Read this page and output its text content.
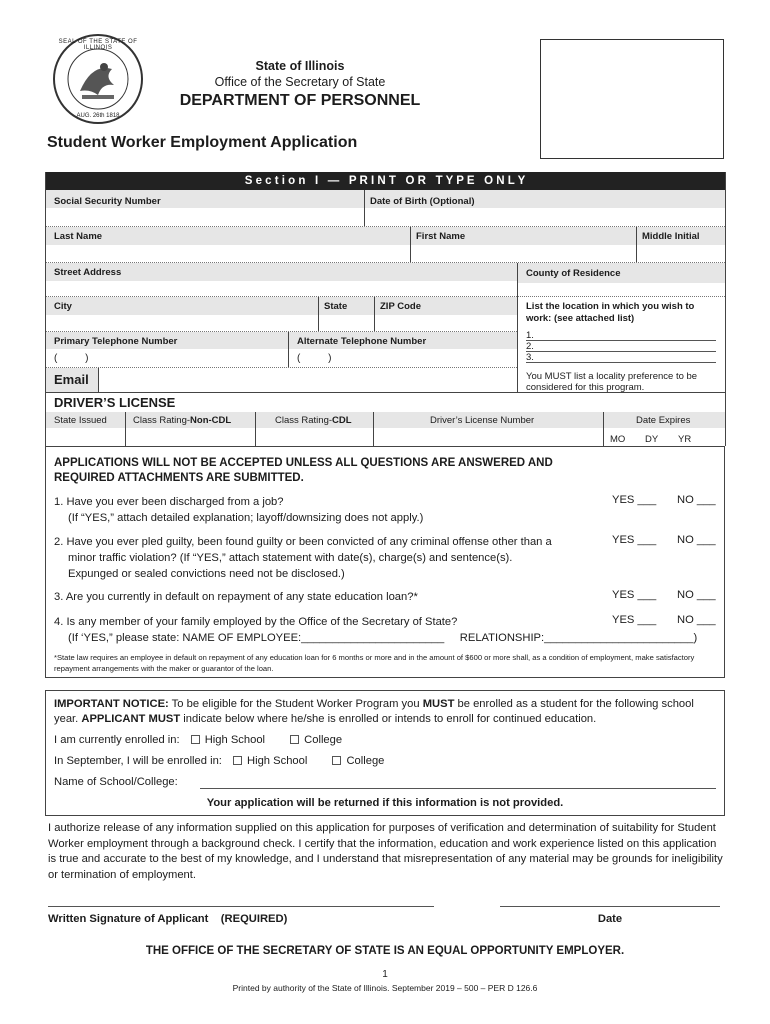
SEAL OF THE STATE OF ILLINOIS
AUG. 26th 1818
State of Illinois
Office of the Secretary of State
DEPARTMENT OF PERSONNEL
Student Worker Employment Application
S e c t i o n   I   —   P R I N T   O R   T Y P E   O N L Y
Social Security Number	Date of Birth (Optional)
Last Name	First Name	Middle Initial
Street Address	County of Residence
City	State	ZIP Code	List the location in which you wish to work: (see attached list)
1.
2.
3.
You MUST list a locality preference to be considered for this program.
Primary Telephone Number	Alternate Telephone Number
(          )	(          )
Email
DRIVER’S LICENSE
State Issued	Class Rating-Non-CDL	Class Rating-CDL	Driver’s License Number	Date Expires
MO DY YR
APPLICATIONS WILL NOT BE ACCEPTED UNLESS ALL QUESTIONS ARE ANSWERED AND REQUIRED ATTACHMENTS ARE SUBMITTED.
1. Have you ever been discharged from a job?
(If “YES,” attach detailed explanation; layoff/downsizing does not apply.)
YES ___ NO ___
2. Have you ever pled guilty, been found guilty or been convicted of any criminal offense other than a
minor traffic violation? (If “YES,” attach statement with date(s), charge(s) and sentence(s).
Expunged or sealed convictions need not be disclosed.)
YES ___ NO ___
3. Are you currently in default on repayment of any state education loan?*	YES ___ NO ___
4. Is any member of your family employed by the Office of the Secretary of State?
(If ‘YES,” please state: NAME OF EMPLOYEE:_______________________     RELATIONSHIP:________________________)
YES ___ NO ___
*State law requires an employee in default on repayment of any education loan for 6 months or more and in the amount of $600 or more shall, as a condition of employment, make satisfactory repayment arrangements with the maker or guarantor of the loan.
IMPORTANT NOTICE: To be eligible for the Student Worker Program you MUST be enrolled as a student for the following school year. APPLICANT MUST indicate below where he/she is enrolled or intends to enroll for continued education.
I am currently enrolled in: High School	College
In September, I will be enrolled in: High School	College
Name of School/College:
Your application will be returned if this information is not provided.
I authorize release of any information supplied on this application for purposes of verification and determination of suitability for Student Worker employment through a background check. I certify that the information, education and work experience listed on this application is true and accurate to the best of my knowledge, and I understand that misrepresentation of any material may be grounds for ineligibility or termination of employment.
Written Signature of Applicant (REQUIRED)	Date
THE OFFICE OF THE SECRETARY OF STATE IS AN EQUAL OPPORTUNITY EMPLOYER.
1
Printed by authority of the State of Illinois. September 2019 – 500 – PER D 126.6
